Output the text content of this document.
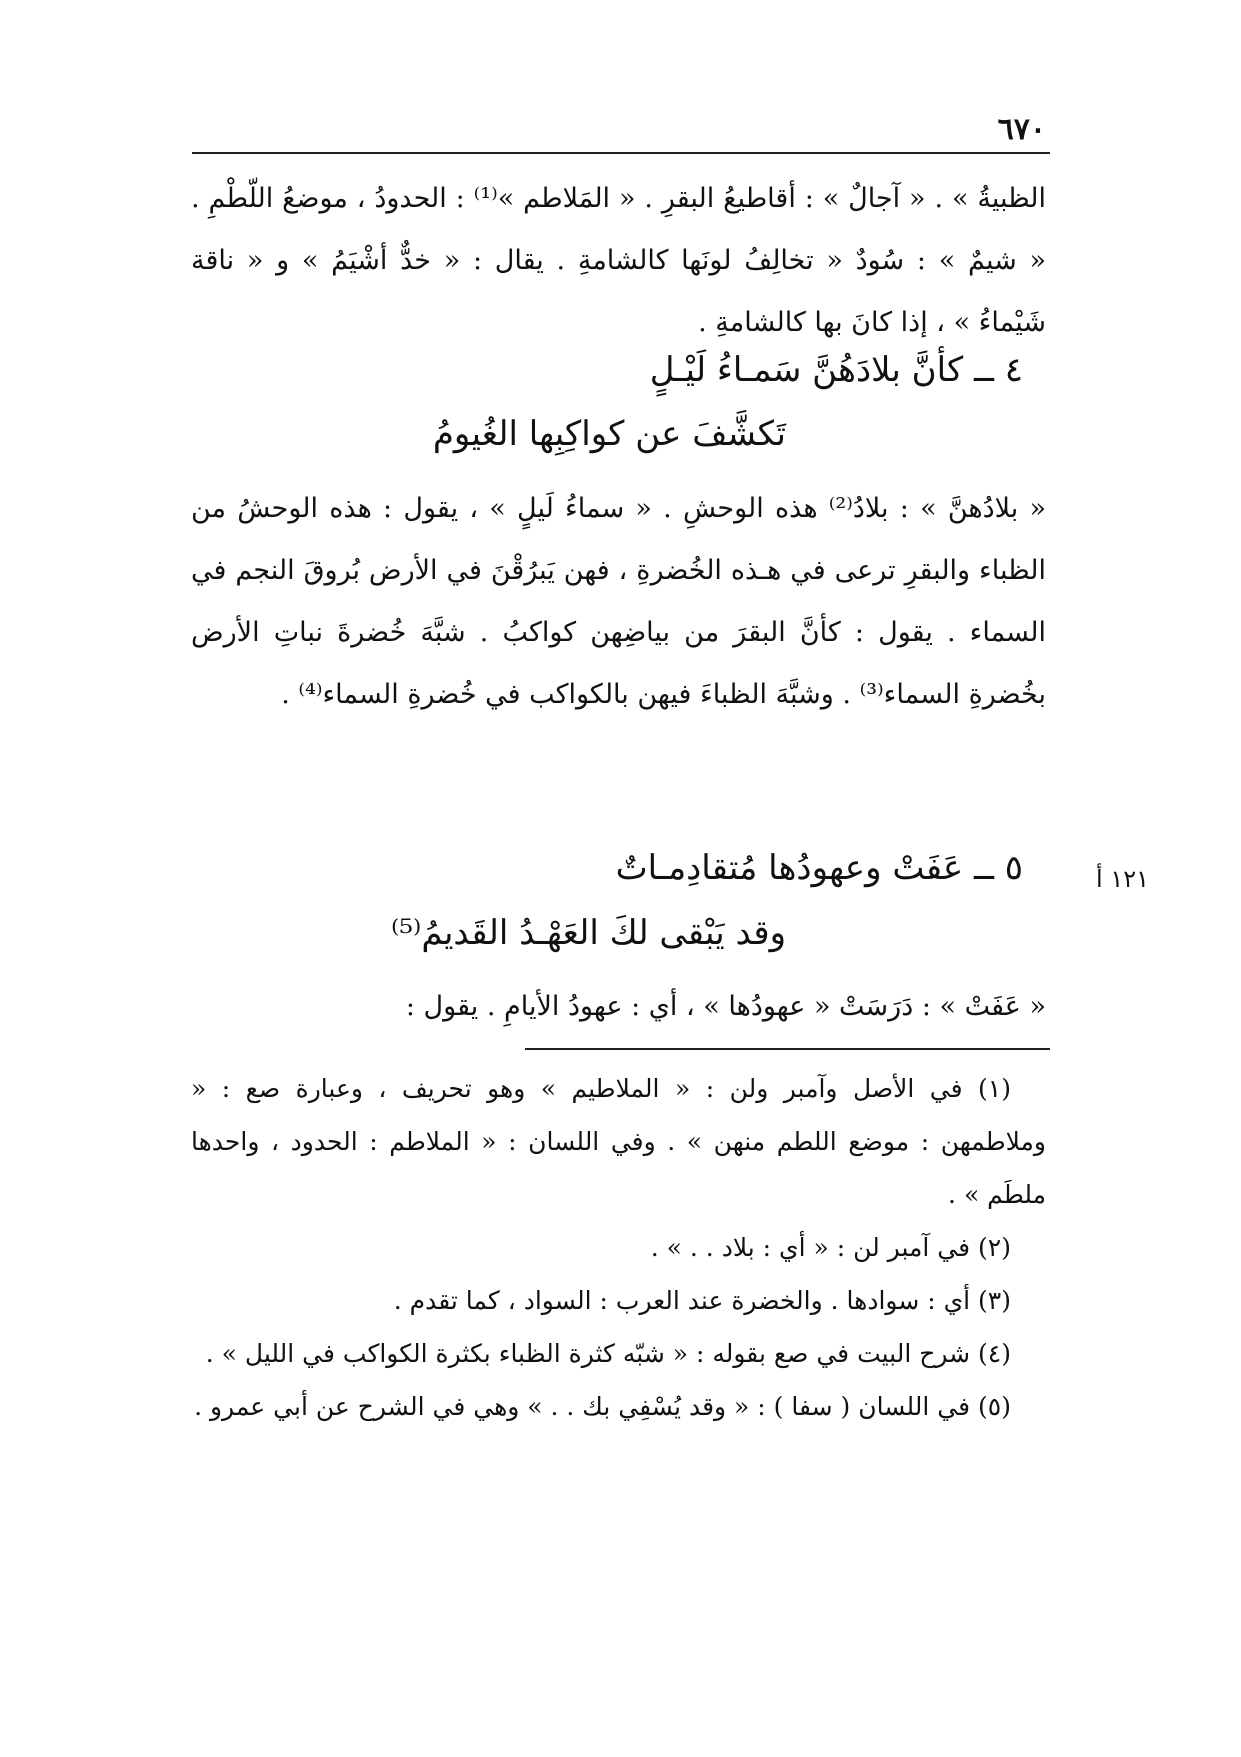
٦٧٠

الظبيةُ » . « آجالٌ » : أقاطيعُ البقرِ . « المَلاطم »⁽¹⁾ : الحدودُ ، موضعُ اللّطْمِ . « شيمٌ » : سُودٌ « تخالِفُ لونَها كالشامةِ . يقال : « خدٌّ أشْيَمُ » و « ناقة شَيْماءُ » ، إذا كانَ بها كالشامةِ .

٤ ــ كأنَّ بلادَهُنَّ سَمـاءُ لَيْـلٍ
تَكشَّفَ عن كواكِبِها الغُيومُ

« بلادُهنَّ » : بلادُ⁽²⁾ هذه الوحشِ . « سماءُ لَيلٍ » ، يقول : هذه الوحشُ من الظباء والبقرِ ترعى في هـذه الخُضرةِ ، فهن يَبرُقْنَ في الأرض بُروقَ النجم في السماء . يقول : كأنَّ البقرَ من بياضِهن كواكبُ . شبَّهَ خُضرةَ نباتِ الأرض بخُضرةِ السماء⁽³⁾ . وشبَّهَ الظباءَ فيهن بالكواكب في خُضرةِ السماء⁽⁴⁾ .

١٢١ أ
٥ ــ عَفَتْ وعهودُها مُتقادِمـاتٌ
وقد يَبْقى لكَ العَهْـدُ القَديمُ⁽⁵⁾

« عَفَتْ » : دَرَسَتْ « عهودُها » ، أي : عهودُ الأيامِ . يقول :

(١) في الأصل وآمبر ولن : « الملاطيم » وهو تحريف ، وعبارة صع : « وملاطمهن : موضع اللطم منهن » . وفي اللسان : « الملاطم : الحدود ، واحدها ملطَم » .

(٢) في آمبر لن : « أي : بلاد . . » .

(٣) أي : سوادها . والخضرة عند العرب : السواد ، كما تقدم .

(٤) شرح البيت في صع بقوله : « شبّه كثرة الظباء بكثرة الكواكب في الليل » .

(٥) في اللسان ( سفا ) : « وقد يُسْفِي بك . . » وهي في الشرح عن أبي عمرو .
